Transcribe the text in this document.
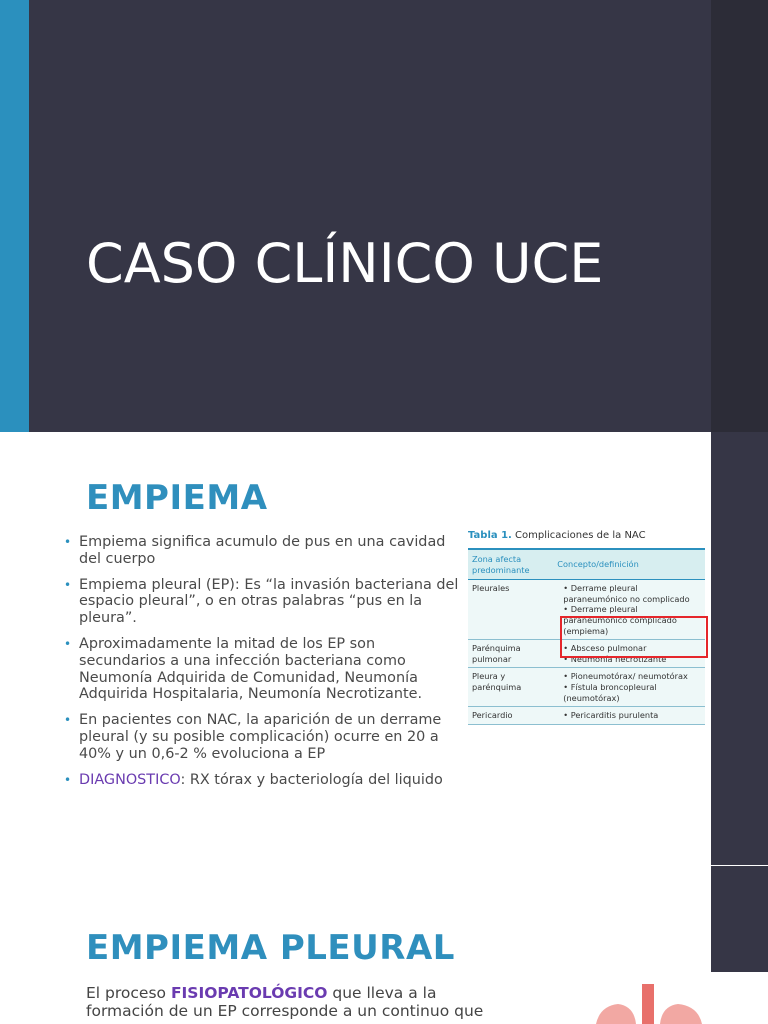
CASO CLÍNICO UCE
EMPIEMA
• Empiema significa acumulo de pus en una cavidad del cuerpo
• Empiema pleural (EP): Es “la invasión bacteriana del espacio pleural”, o en otras palabras “pus en la pleura”.
• Aproximadamente la mitad de los EP son secundarios a una infección bacteriana como Neumonía Adquirida de Comunidad, Neumonía Adquirida Hospitalaria, Neumonía Necrotizante.
• En pacientes con NAC, la aparición de un derrame pleural (y su posible complicación) ocurre en 20 a 40% y un 0,6-2 % evoluciona a EP
• DIAGNOSTICO: RX tórax y bacteriología del liquido
Tabla 1. Complicaciones de la NAC
Zona afecta predominante	Concepto/definición
Pleurales	• Derrame pleural paraneumónico no complicado
• Derrame pleural paraneumónico complicado (empiema)

Parénquima pulmonar	• Absceso pulmonar
• Neumonía necrotizante

Pleura y parénquima	• Pioneumotórax/ neumotórax
• Fístula broncopleural (neumotórax)

Pericardio	• Pericarditis purulenta
EMPIEMA PLEURAL
El proceso FISIOPATOLÓGICO que lleva a la formación de un EP corresponde a un continuo que
